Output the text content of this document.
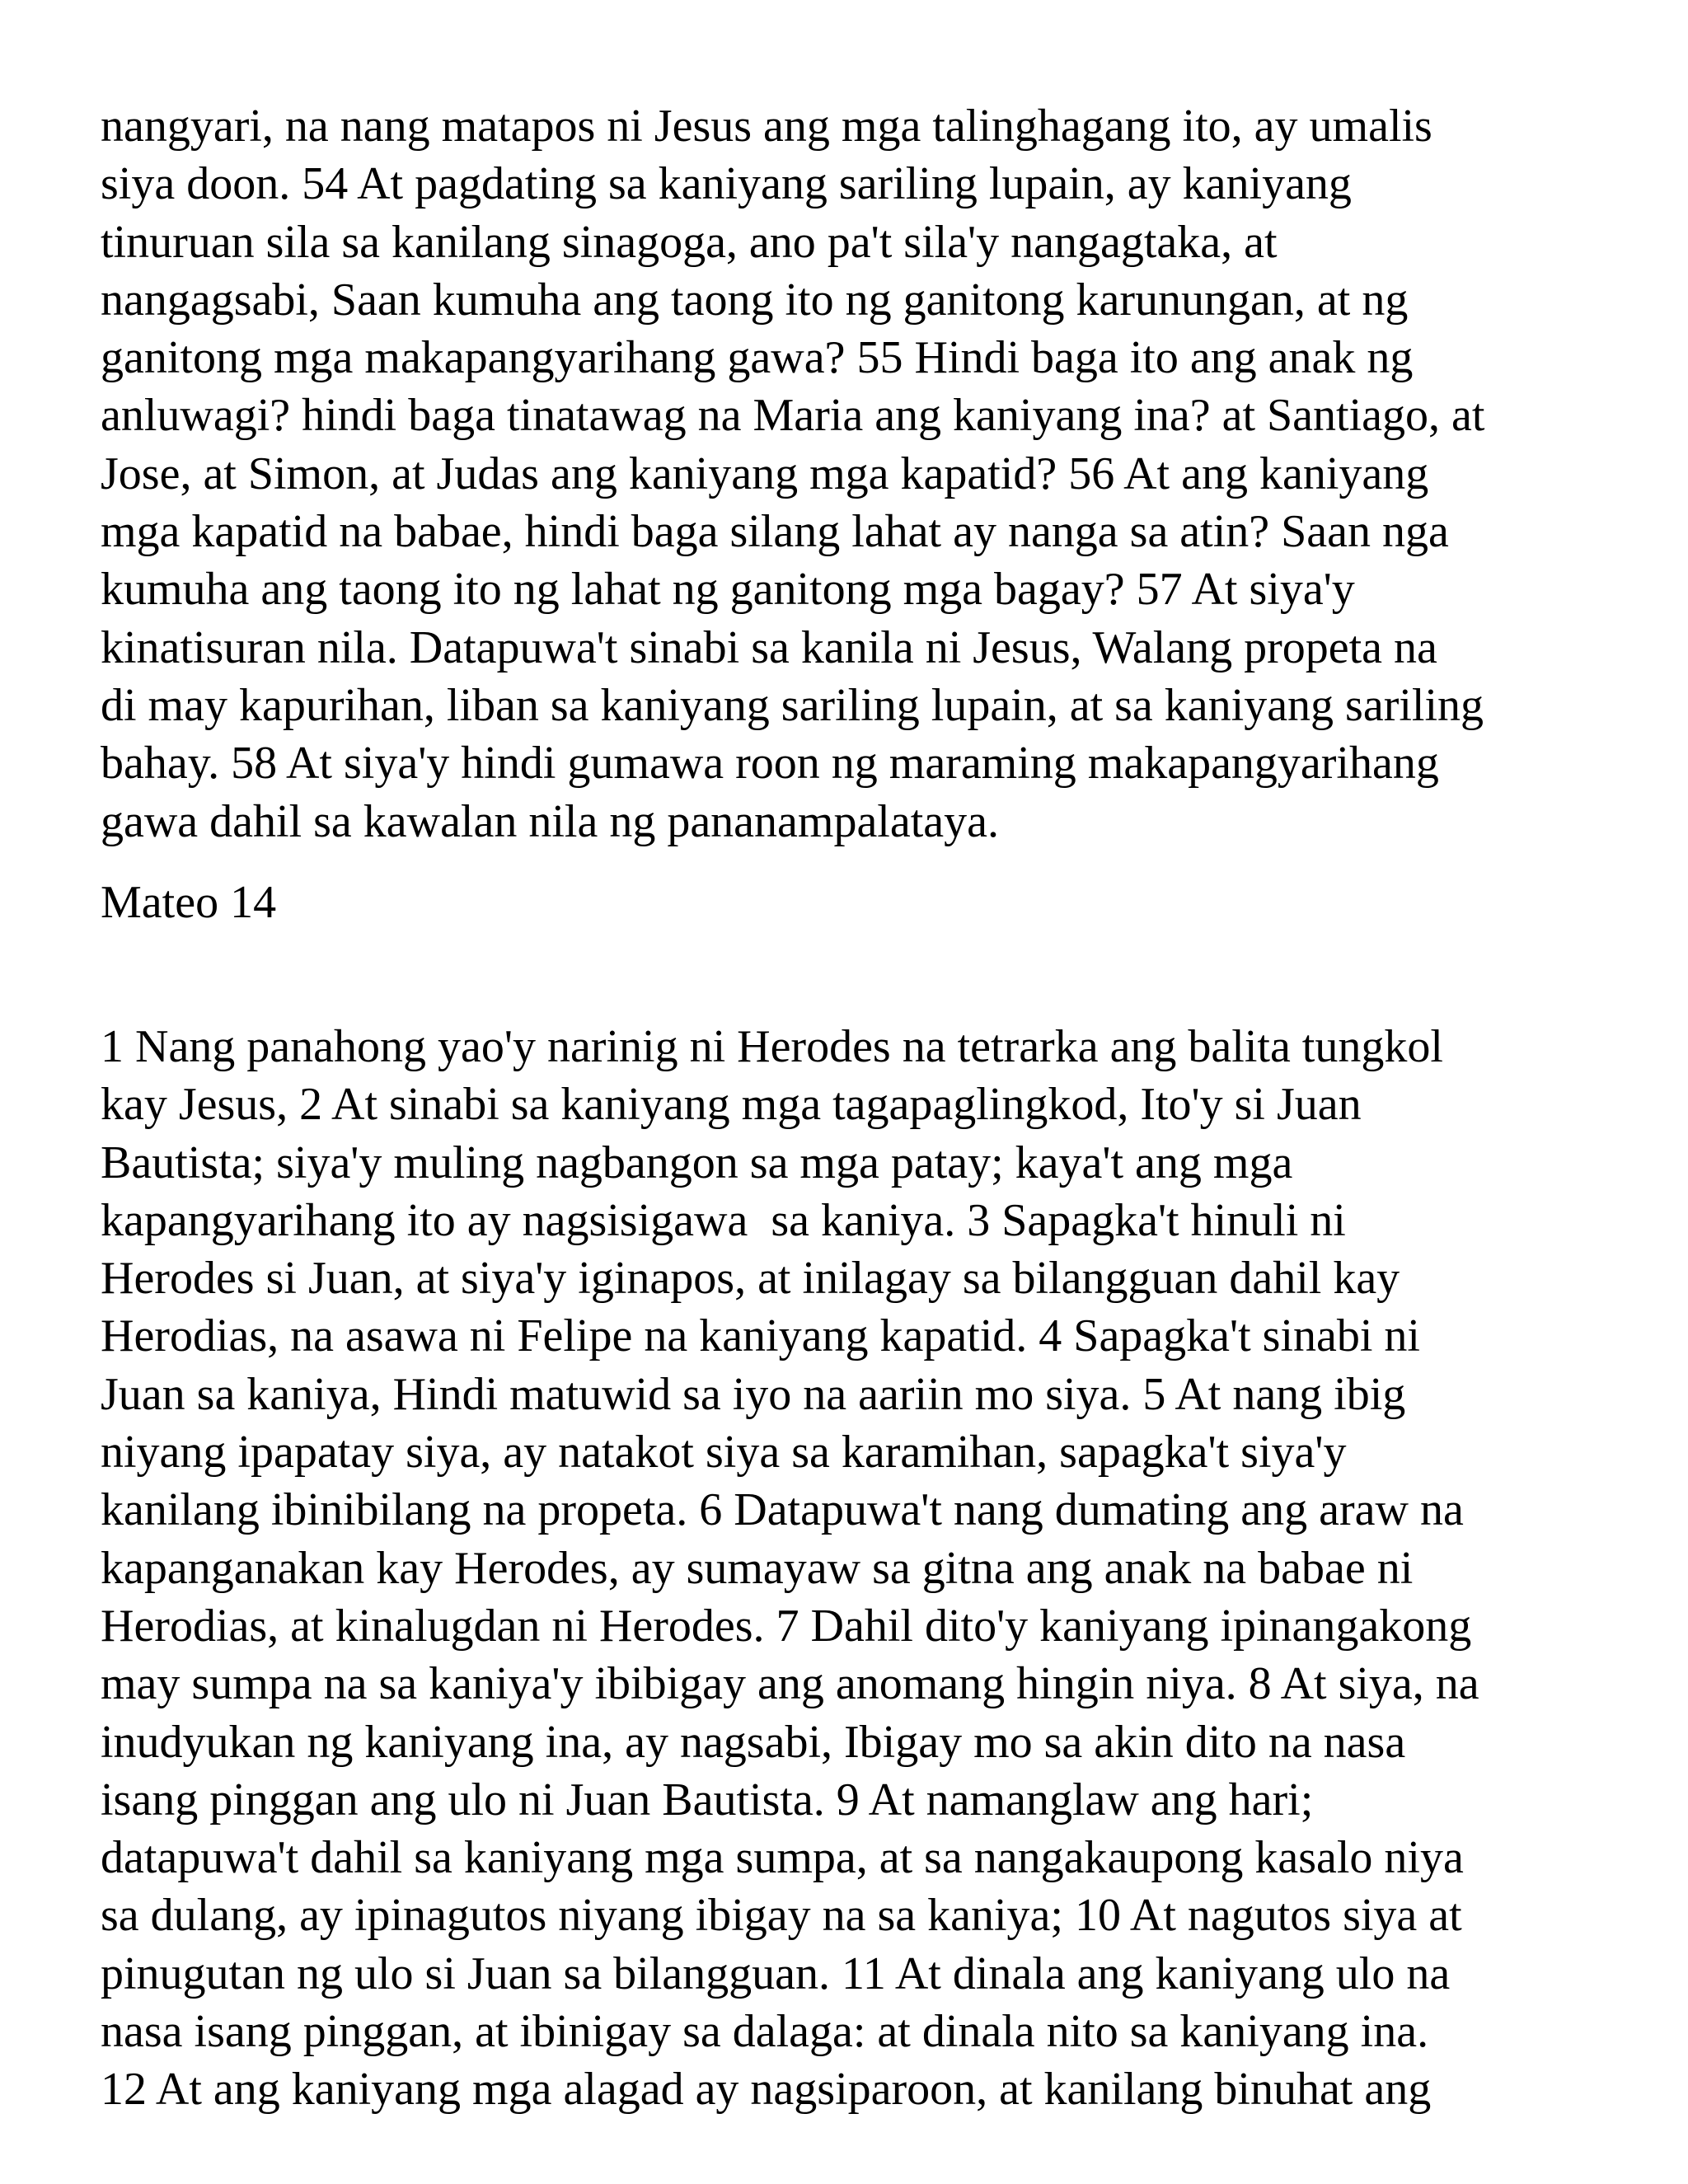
nangyari, na nang matapos ni Jesus ang mga talinghagang ito, ay umalis
siya doon. 54 At pagdating sa kaniyang sariling lupain, ay kaniyang
tinuruan sila sa kanilang sinagoga, ano pa't sila'y nangagtaka, at
nangagsabi, Saan kumuha ang taong ito ng ganitong karunungan, at ng
ganitong mga makapangyarihang gawa? 55 Hindi baga ito ang anak ng
anluwagi? hindi baga tinatawag na Maria ang kaniyang ina? at Santiago, at
Jose, at Simon, at Judas ang kaniyang mga kapatid? 56 At ang kaniyang
mga kapatid na babae, hindi baga silang lahat ay nanga sa atin? Saan nga
kumuha ang taong ito ng lahat ng ganitong mga bagay? 57 At siya'y
kinatisuran nila. Datapuwa't sinabi sa kanila ni Jesus, Walang propeta na
di may kapurihan, liban sa kaniyang sariling lupain, at sa kaniyang sariling
bahay. 58 At siya'y hindi gumawa roon ng maraming makapangyarihang
gawa dahil sa kawalan nila ng pananampalataya.

Mateo 14

1 Nang panahong yao'y narinig ni Herodes na tetrarka ang balita tungkol
kay Jesus, 2 At sinabi sa kaniyang mga tagapaglingkod, Ito'y si Juan
Bautista; siya'y muling nagbangon sa mga patay; kaya't ang mga
kapangyarihang ito ay nagsisigawa  sa kaniya. 3 Sapagka't hinuli ni
Herodes si Juan, at siya'y iginapos, at inilagay sa bilangguan dahil kay
Herodias, na asawa ni Felipe na kaniyang kapatid. 4 Sapagka't sinabi ni
Juan sa kaniya, Hindi matuwid sa iyo na aariin mo siya. 5 At nang ibig
niyang ipapatay siya, ay natakot siya sa karamihan, sapagka't siya'y
kanilang ibinibilang na propeta. 6 Datapuwa't nang dumating ang araw na
kapanganakan kay Herodes, ay sumayaw sa gitna ang anak na babae ni
Herodias, at kinalugdan ni Herodes. 7 Dahil dito'y kaniyang ipinangakong
may sumpa na sa kaniya'y ibibigay ang anomang hingin niya. 8 At siya, na
inudyukan ng kaniyang ina, ay nagsabi, Ibigay mo sa akin dito na nasa
isang pinggan ang ulo ni Juan Bautista. 9 At namanglaw ang hari;
datapuwa't dahil sa kaniyang mga sumpa, at sa nangakaupong kasalo niya
sa dulang, ay ipinagutos niyang ibigay na sa kaniya; 10 At nagutos siya at
pinugutan ng ulo si Juan sa bilangguan. 11 At dinala ang kaniyang ulo na
nasa isang pinggan, at ibinigay sa dalaga: at dinala nito sa kaniyang ina.
12 At ang kaniyang mga alagad ay nagsiparoon, at kanilang binuhat ang
